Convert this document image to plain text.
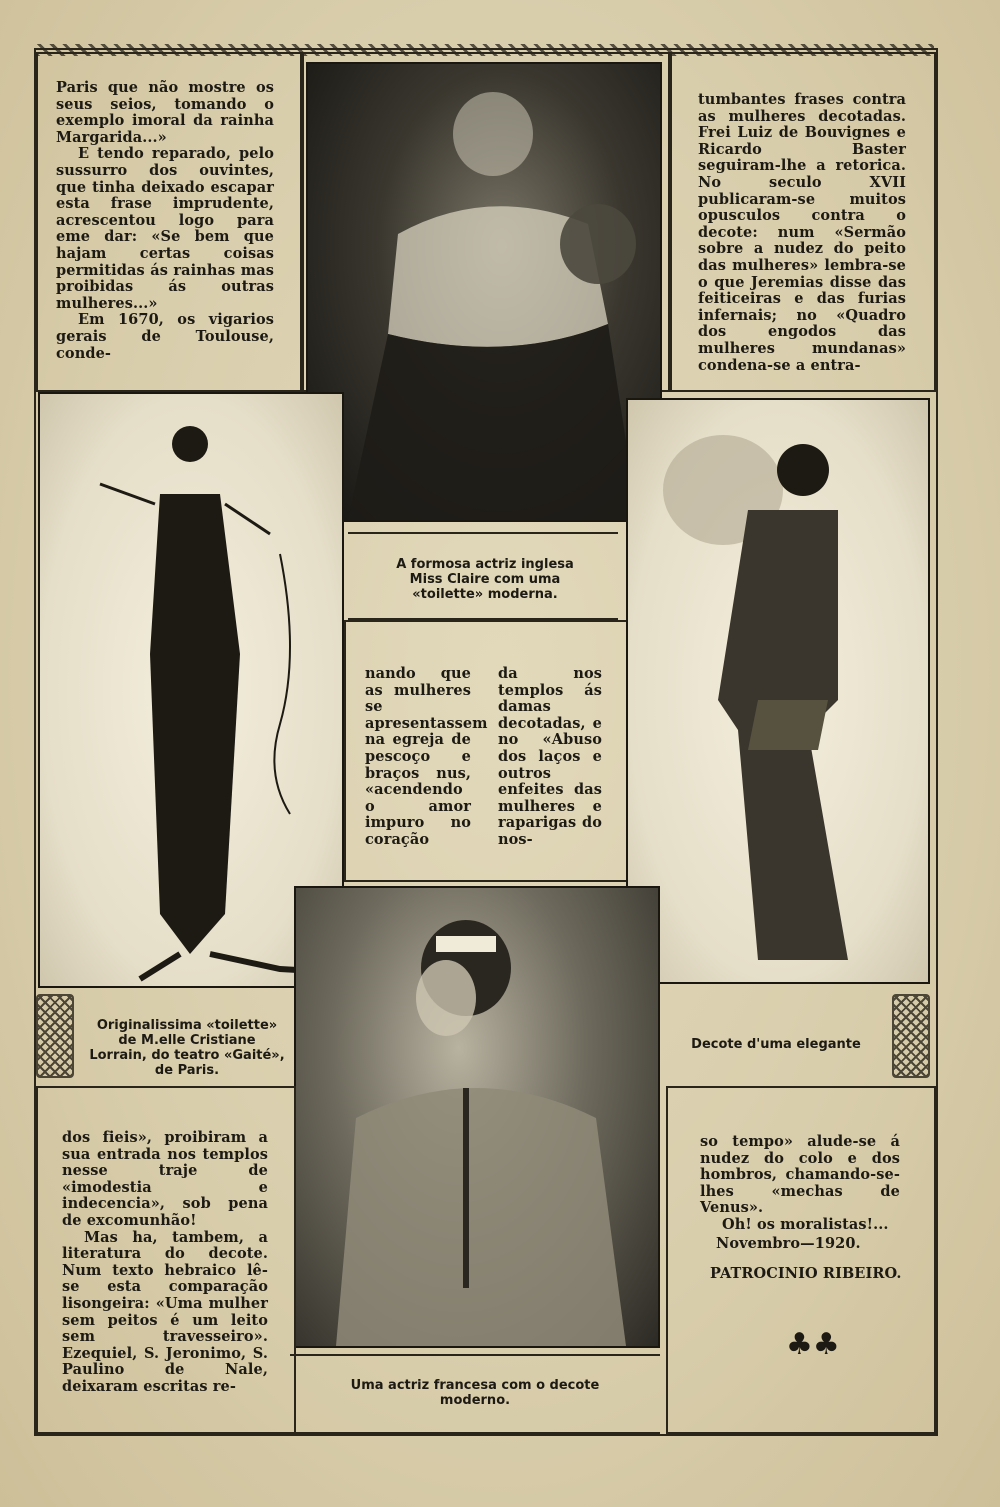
Paris que não mostre os seus seios, tomando o exemplo imoral da rainha Margarida...»

E tendo reparado, pelo sussurro dos ouvintes, que tinha deixado escapar esta frase imprudente, acrescentou logo para eme dar: «Se bem que hajam certas coisas permitidas ás rainhas mas proibidas ás outras mulheres...»

Em 1670, os vigarios gerais de Toulouse, conde-

tumbantes frases contra as mulheres decotadas. Frei Luiz de Bouvignes e Ricardo Baster seguiram-lhe a retorica. No seculo XVII publicaram-se muitos opusculos contra o decote: num «Sermão sobre a nudez do peito das mulheres» lembra-se o que Jeremias disse das feiticeiras e das furias infernais; no «Quadro dos engodos das mulheres mundanas» condena-se a entra-

A formosa actriz inglesa Miss Claire com uma «toilette» moderna.

nando que as mulheres se apresentassem na egreja de pescoço e braços nus, «acendendo o amor impuro no coração

da nos templos ás damas decotadas, e no «Abuso dos laços e outros enfeites das mulheres e raparigas do nos-

Originalissima «toilette» de M.elle Cristiane Lorrain, do teatro «Gaité», de Paris.
Decote d'uma elegante

dos fieis», proibiram a sua entrada nos templos nesse traje de «imodestia e indecencia», sob pena de excomunhão!

Mas ha, tambem, a literatura do decote. Num texto hebraico lê-se esta comparação lisongeira: «Uma mulher sem peitos é um leito sem travesseiro». Ezequiel, S. Jeronimo, S. Paulino de Nale, deixaram escritas re-

so tempo» alude-se á nudez do colo e dos hombros, chamando-se-lhes «mechas de Venus».

Oh! os moralistas!...

Novembro—1920.
PATROCINIO RIBEIRO.
♣♣
Uma actriz francesa com o decote moderno.
